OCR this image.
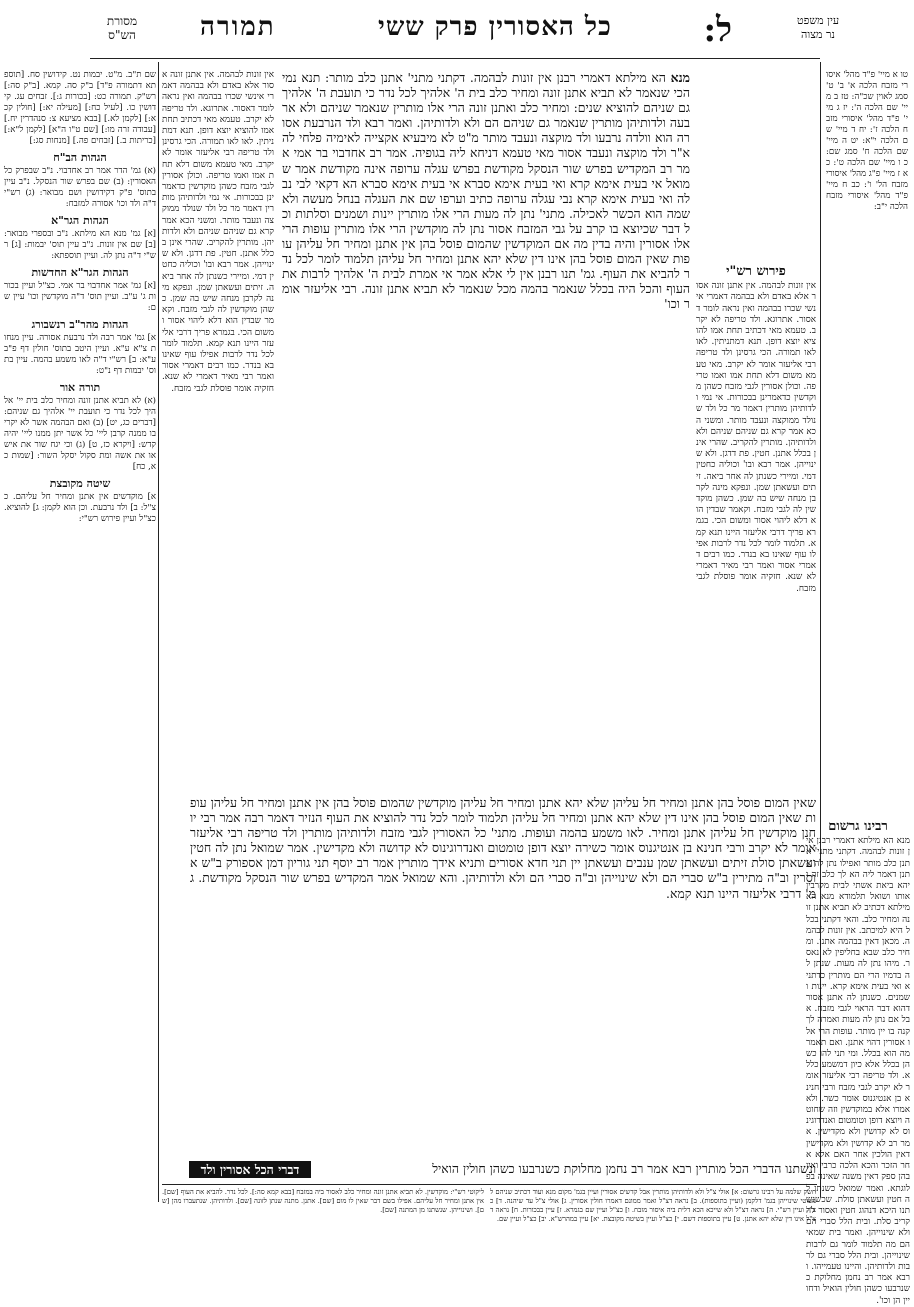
ל:
כל האסורין פרק ששי
תמורה
מסורת
הש"ס
עין משפט
נר מצוה

טו א מיי' פ"ד מהל' איסורי מזבח הלכה א' ב' ט' סמג לאוין שכ"ה: טז ב מיי' שם הלכה ה': יז ג מיי' פ"ד מהל' איסורי מזבח הלכה ז': יח ד מיי' שם הלכה י"א: יט ה מיי' שם הלכה ח' סמג שם: כ ו מיי' שם הלכה ט': כא ז מיי' פ"ג מהל' איסורי מזבח הל' ו': כב ח מיי' פ"ד מהל' איסורי מזבח הלכה י"ב:

פירוש רש"י

אין זונות לבהמה. אין אתנן זונה אסור אלא באדם ולא בבהמה דאמרי אינשי שכרו בבהמה ואין נראה לומר דאסור. אתרוגא. ולד טריפה לא יקרב. טעמא מאי דכתיב תחת אמו להוציא יוצא דופן. תנא דמתניתין. לאו לאו תמורה. הכי גרסינן ולד טריפה רבי אליעזר אומר לא יקרב. מאי טעמא משום דלא תחת אמו ואמו טריפה. וכולן אסורין לגבי מזבח כשהן מוקדשין כדאמרינן בבכורות. אי נמי ולדותיהן מותרין דאמר מר כל ולד שנולד ממוקצה ונעבד מותר. ומשני הכא אמר קרא גם שניהם שניהם ולא ולדותיהן. מותרין להקריב. שהרי אינן בכלל אתנן. חטין. פת דדגן. ולא שינוייהן. אמר רבא ובו' וכוליה כחטין דמי. ומיירי כשנתן לה אחר ביאה. זיתים ועשאתן שמן. ונפקא מינה לקרבן מנחה שיש בה שמן. כשהן מוקדשין לה לגבי מזבח. וקאמר שבדין הוא דלא ליהוי אסור ומשום הכי. בגמרא פריך דרבי אליעזר היינו תנא קמא. תלמוד לומר לכל נדר לרבות אפילו עוף שאינו בא בנדר. כמו רבים דאמרי אסור ואמר רבי מאיר דאמרי לא שנא. חזקיה אומר פוסלת לגבי מזבח.

רבינו גרשום

מנא הא מילתא דאמרי רבנן אין זונות לבהמה. דקתני מתני' אתנן כלב מותר ואפילו נתן לה אתנן דאמר ליה הא לך כלב זה ויהא ביאת אשתי לבית מקרבין אותו ושואל תלמודא מנא הא מילתא דכתיב לא תביא אתנן זונה ומחיר כלב. והאי דקתני בכלל היא למיכתב. אין זונות לבהמה. מכאן דאין בבהמה אתנן. ומחיר כלב שבא בחליפין לא נאסר. מיהו נתן לה מעות. שנתן לה בדמיו הרי הם מותרין כדתניא ואי בעית אימא קרא. יינות ושמנים. כשנתן לה אתנן אסור דהוא דבר הראוי לגבי מזבח. אבל אם נתן לה מעות ואמרה לך קנה בו יין מותר. עופות הרי אלו אסורין דהוי אתנן. ואם תאמר מה הוא בכלל. ומי תני להו כשהן בכלל אלא כיון דמשמע כללא. ולד טריפה רבי אליעזר אומר לא יקרב לגבי מזבח ורבי חנינא בן אנטיגנוס אומר כשר. ולא אמרו אלא במוקדשין וזה שחוטה ויוצא דופן וטומטום ואנדרוגינוס לא קדושין ולא מקדישין. אמר רב לא קדושין ולא מקדישין דאין הולכין אחר האם אלא אחר הזכר והכא הלכה כרבי ואין בהן ספק דאין משנה שאינה בפלוגתא. ואמר שמואל כשנתן לה חטין ועשאתן סולת. שכשנשתנו היכא דנהוג חטין ואסור להקריב סלת. ובית הלל סברי הם ולא שינוייהן. ואמר בית שמאי הם מה תלמוד לומר גם לרבות שינוייהן. ובית הלל סברי גם לרבות ולדותיהן. והיינו טעמייהו. ורבא אמר רב נחמן מחלוקת כשנרבעו כשהן חולין הואיל ודחויין הן וכו'.

אין זונות לבהמה. אין אתנן זונה אסור אלא באדם ולא בבהמה דאמרי אינשי שכרו בבהמה ואין נראה לומר דאסור. אתרוגא. ולד טריפה לא יקרב. טעמא מאי דכתיב תחת אמו להוציא יוצא דופן. תנא דמתניתין. לאו לאו תמורה. הכי גרסינן ולד טריפה רבי אליעזר אומר לא יקרב. מאי טעמא משום דלא תחת אמו ואמו טריפה. וכולן אסורין לגבי מזבח כשהן מוקדשין כדאמרינן בבכורות. אי נמי ולדותיהן מותרין דאמר מר כל ולד שנולד ממוקצה ונעבד מותר. ומשני הכא אמר קרא גם שניהם שניהם ולא ולדותיהן. מותרין להקריב. שהרי אינן בכלל אתנן. חטין. פת דדגן. ולא שינוייהן. אמר רבא ובו' וכוליה כחטין דמי. ומיירי כשנתן לה אחר ביאה. זיתים ועשאתן שמן. ונפקא מינה לקרבן מנחה שיש בה שמן. כשהן מוקדשין לה לגבי מזבח. וקאמר שבדין הוא דלא ליהוי אסור ומשום הכי. בגמרא פריך דרבי אליעזר היינו תנא קמא. תלמוד לומר לכל נדר לרבות אפילו עוף שאינו בא בנדר. כמו רבים דאמרי אסור ואמר רבי מאיר דאמרי לא שנא. חזקיה אומר פוסלת לגבי מזבח.

מנא הא מילתא דאמרי רבנן אין זונות לבהמה. דקתני מתני' אתנן כלב מותר: תנא נמי הכי שנאמר לא תביא אתנן זונה ומחיר כלב בית ה' אלהיך לכל נדר כי תועבת ה' אלהיך גם שניהם להוציא שנים: ומחיר כלב ואתנן זונה הרי אלו מותרין שנאמר שניהם ולא ארבעה ולדותיהן מותרין שנאמר גם שניהם הם ולא ולדותיהן. ואמר רבא ולד הנרבעת אסורה הוא וולדה נרבעו ולד מוקצה ונעבד מותר מ"ט לא מיבעיא אקצייה לאימיה פלחי לה א"ר ולד מוקצה ונעבד אסור מאי טעמא דניחא ליה בגופיה. אמר רב אחדבוי בר אמי אמר רב המקדיש בפרש שור הנסקל מקודשת בפרש עגלה ערופה אינה מקודשת אמר שמואל אי בעית אימא קרא ואי בעית אימא סברא אי בעית אימא סברא הא דקאי לבי נבלה ואי בעית אימא קרא נבי עגלה ערופה כתיב וערפו שם את העגלה בנחל מעשה ולא שמה הוא הכשר לאכילה. מתני' נתן לה מעות הרי אלו מותרין יינות ושמנים וסלתות וכל דבר שכיוצא בו קרב על גבי המזבח אסור נתן לה מוקדשין הרי אלו מותרין עופות הרי אלו אסורין והיה בדין מה אם המוקדשין שהמום פוסל בהן אין אתנן ומחיר חל עליהן עופות שאין המום פוסל בהן אינו דין שלא יהא אתנן ומחיר חל עליהן תלמוד לומר לכל נדר להביא את העוף. גמ' תנו רבנן אין לי אלא אמר אי אמרת לבית ה' אלהיך לרבות את העוף והכל היה בכלל שנאמר בהמה מכל שנאמר לא תביא אתנן זונה. רבי אליעזר אומר וכו'

שאין המום פוסל בהן אתנן ומחיר חל עליהן שלא יהא אתנן ומחיר חל עליהן מוקדשין שהמום פוסל בהן אין אתנן ומחיר חל עליהן עופות שאין המום פוסל בהן אינו דין שלא יהא אתנן ומחיר חל עליהן תלמוד לומר לכל נדר להוציא את העוף הנזיר דאמר רבה אמר רבי יוחנן מוקדשין חל עליהן אתנן ומחיר. לאו משמע בהמה ועופות. מתני' כל האסורין לגבי מזבח ולדותיהן מותרין ולד טריפה רבי אליעזר אומר לא יקרב ורבי חנינא בן אנטיגנוס אומר כשירה יוצא דופן טומטום ואנדרוגינוס לא קדושה ולא מקדישין. אמר שמואל נתן לה חטין ועשאתן סולת זיתים ועשאתן שמן ענבים ועשאתן יין תני חדא אסורים ותניא אידך מותרין אמר רב יוסף תני גוריון דמן אספורק ב"ש אוסרין וב"ה מתירין ב"ש סברי הם ולא שינוייהן וב"ה סברי הם ולא ולדותיהן. והא שמואל אמר המקדיש בפרש שור הנסקל מקודשת. גמ' דרבי אליעזר היינו תנא קמא.

ונשתנו הדברי הכל מותרין רבא אמר רב נחמן מחלוקת כשנרבעו כשהן חולין הואיל
דברי הכל אסורין ולד

שם ת"ב. מ"ט. יבמות נט. קידושין סח. [תוספתא דתמורה פ"ד] ב"ק סה. קמא. [ב"ק סה:] רש"ק. תמורה כט: [בכורות ג:]. זבחים עג. קידושין כו. [לעיל כח:] [מעילה יא:] [חולין קכא:] [לקמן לא.] [בבא מציעא צ: סנהדרין יח.] [עבודה זרה מו:] [שם ט"ו ה"א] [לקמן ל"א:] [כריתות ב.] [זבחים פה.] [מנחות סג:]

הגהות הב"ח

(א) גמ' הדר אמר רב אחדבוי. נ"ב שבפרק כל האסורין: (ב) שם בפרש שור הנסקל. נ"ב עיין בתוס' פ"ק דקידושין ושם מבואר: (ג) רש"י ד"ה ולד וכו' אסורה למזבח:

הגהות הגר"א

[א] גמ' מנא הא מילתא. נ"ב ובספרי מבואר: [ב] שם אין זונות. נ"ב עיין תוס' יבמות: [ג] רש"י ד"ה נתן לה. ועיין תוספתא:

הגהות הגר"א החדשות

[א] גמ' אמר אחדבוי בר אמי. כצ"ל ועיין בכורות ג' ע"ב. ועיין תוס' ד"ה מוקדשין וכו' עיין שם:

הגהות מהר"ב רנשבורג

א] גמ' אמר רבה ולד נרבעת אסורה. עיין מנחות צ"א ע"א. ועיין היטב בתוס' חולין דף פ"ב ע"א: ב] רש"י ד"ה לאו משמע בהמה. עיין בתוס' יבמות דף נ"ט:

תורה אור

(א) לא תביא אתנן זונה ומחיר כלב בית יי' אלהיך לכל נדר כי תועבת יי' אלהיך גם שניהם: [דברים כג, יט] (ב) ואם הבהמה אשר לא יקריבו ממנה קרבן ליי' כל אשר יתן ממנו ליי' יהיה קדש: [ויקרא כז, ט] (ג) וכי יגח שור את איש או את אשה ומת סקול יסקל השור: [שמות כא, כח]

שיטה מקובצת

א] מוקדשים אין אתנן ומחיר חל עליהם. כצ"ל: ב] ולד נרבעת. וכן הוא לקמן: ג] להוציא. כצ"ל ועיין פירוש רש"י:

חשק שלמה על רבינו גרשום: א] אולי צ"ל ולא ולדותיהן מותרין אבל קדשים אסורין ועיין בגמ' מקום מנא ועוד דכתיב שניהם למעוטי שינוייהן בגמ' דלקמן (ועיין בתוספות). ב] נראה דצ"ל ואמר ממונם דאמרו חולין אסורין. ג] אולי צ"ל עד שיהנה. ד] כצ"ל ועיין רש"י. ה] נראה דצ"ל ולא שייכא הכא דלית ביה איסור מזבח. ו] כצ"ל ועיין שם בגמרא. ז] עיין בבכורות. ח] נראה דצ"ל אינו דין שלא יהא אתנן. ט] עיין בתוספות דשם. י] כצ"ל ועיין בשיטה מקובצת. יא] עיין במהרש"א. יב] כצ"ל ועיין שם.

ליקוטי רש"י: מוקדשין. לא תביא אתנן זונה ומחיר כלב לאסור ביה במזבח [בבא קמא סה:]. לכל נדר. להביא את העוף [שם]. אין אתנן ומחיר חל עליהם. אפילו בשם דבר שאין לו מום [שם]. אתנן. מתנה שנתן לזונה [שם]. ולדותיהן. שנתעברו מהן [שם]. ושינוייהן. שנשתנו מן המתנה [שם].
